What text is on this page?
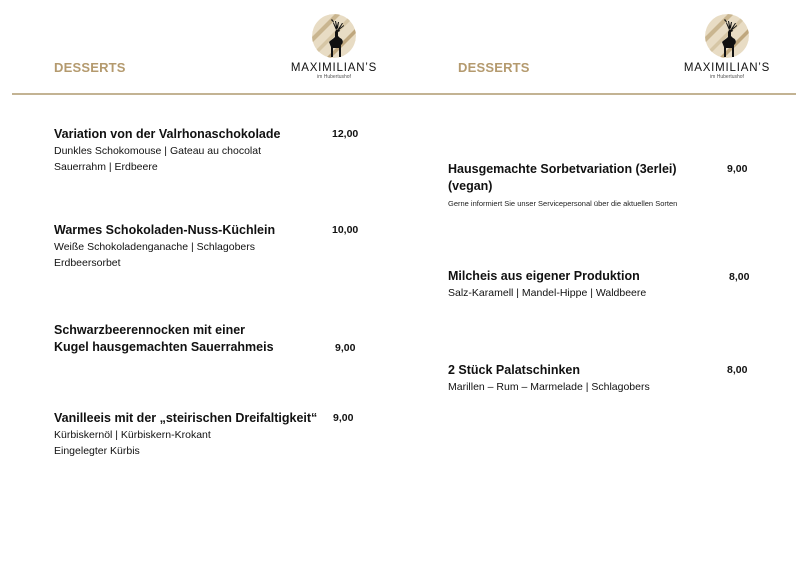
DESSERTS	MAXIMILIAN’S
im Hubertushof
DESSERTS	MAXIMILIAN’S
im Hubertushof
Variation von der Valrhonaschokolade
Dunkles Schokomouse | Gateau au chocolat
Sauerrahm | Erdbeere
12,00
Warmes Schokoladen-Nuss-Küchlein
Weiße Schokoladenganache | Schlagobers
Erdbeersorbet
10,00
Schwarzbeerennocken mit einer
Kugel hausgemachten Sauerrahmeis	9,00
Vanilleeis mit der „steirischen Dreifaltigkeit“
Kürbiskernöl | Kürbiskern-Krokant
Eingelegter Kürbis
9,00
Hausgemachte Sorbetvariation (3erlei)
(vegan)
Gerne informiert Sie unser Servicepersonal über die aktuellen Sorten
9,00
Milcheis aus eigener Produktion
Salz-Karamell | Mandel-Hippe | Waldbeere
8,00
2 Stück Palatschinken
Marillen – Rum – Marmelade | Schlagobers
8,00
